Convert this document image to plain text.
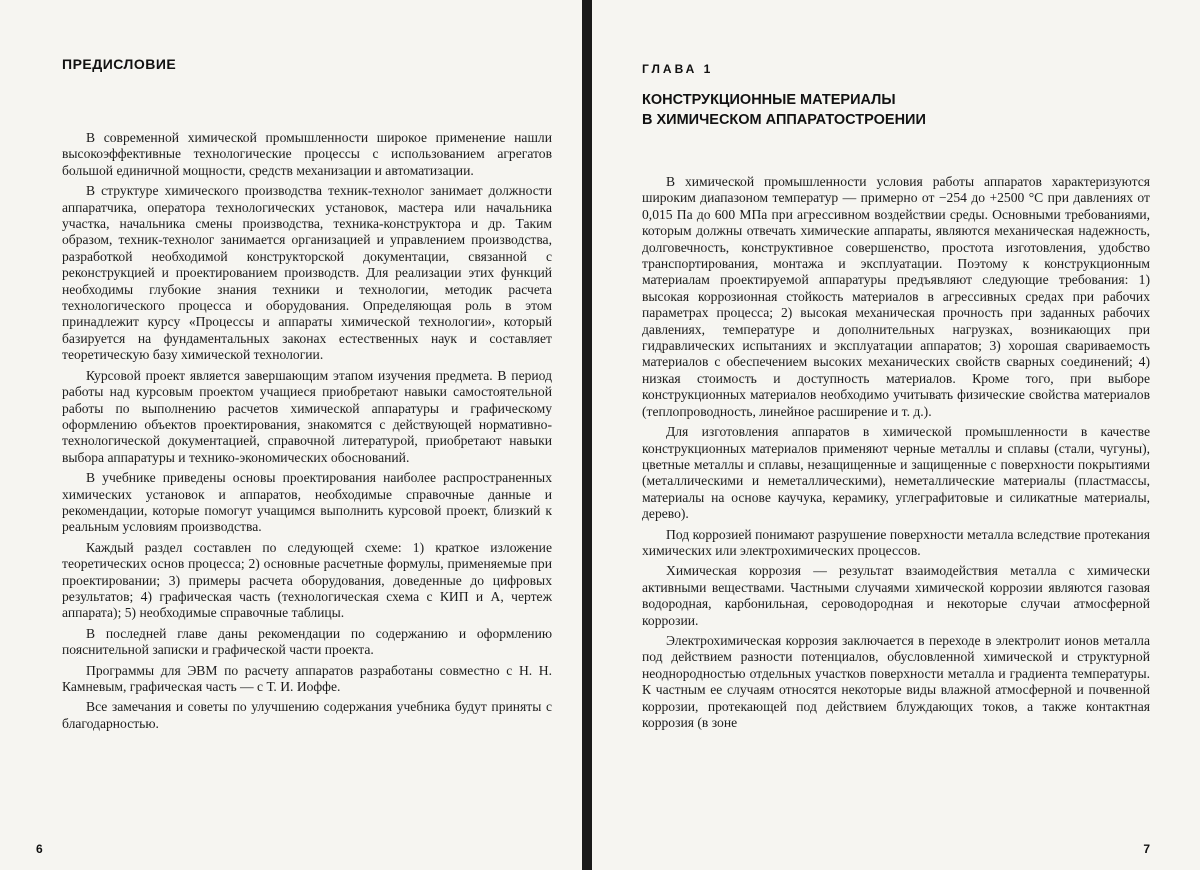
ПРЕДИСЛОВИЕ

В современной химической промышленности широкое применение нашли высокоэффективные технологические процессы с использованием агрегатов большой единичной мощности, средств механизации и автоматизации.

В структуре химического производства техник-технолог занимает должности аппаратчика, оператора технологических установок, мастера или начальника участка, начальника смены производства, техника-конструктора и др. Таким образом, техник-технолог занимается организацией и управлением производства, разработкой необходимой конструкторской документации, связанной с реконструкцией и проектированием производств. Для реализации этих функций необходимы глубокие знания техники и технологии, методик расчета технологического процесса и оборудования. Определяющая роль в этом принадлежит курсу «Процессы и аппараты химической технологии», который базируется на фундаментальных законах естественных наук и составляет теоретическую базу химической технологии.

Курсовой проект является завершающим этапом изучения предмета. В период работы над курсовым проектом учащиеся приобретают навыки самостоятельной работы по выполнению расчетов химической аппаратуры и графическому оформлению объектов проектирования, знакомятся с действующей нормативно-технологической документацией, справочной литературой, приобретают навыки выбора аппаратуры и технико-экономических обоснований.

В учебнике приведены основы проектирования наиболее распространенных химических установок и аппаратов, необходимые справочные данные и рекомендации, которые помогут учащимся выполнить курсовой проект, близкий к реальным условиям производства.

Каждый раздел составлен по следующей схеме: 1) краткое изложение теоретических основ процесса; 2) основные расчетные формулы, применяемые при проектировании; 3) примеры расчета оборудования, доведенные до цифровых результатов; 4) графическая часть (технологическая схема с КИП и А, чертеж аппарата); 5) необходимые справочные таблицы.

В последней главе даны рекомендации по содержанию и оформлению пояснительной записки и графической части проекта.

Программы для ЭВМ по расчету аппаратов разработаны совместно с Н. Н. Камневым, графическая часть — с Т. И. Иоффе.

Все замечания и советы по улучшению содержания учебника будут приняты с благодарностью.

6
ГЛАВА 1
КОНСТРУКЦИОННЫЕ МАТЕРИАЛЫ
В ХИМИЧЕСКОМ АППАРАТОСТРОЕНИИ

В химической промышленности условия работы аппаратов характеризуются широким диапазоном температур — примерно от −254 до +2500 °С при давлениях от 0,015 Па до 600 МПа при агрессивном воздействии среды. Основными требованиями, которым должны отвечать химические аппараты, являются механическая надежность, долговечность, конструктивное совершенство, простота изготовления, удобство транспортирования, монтажа и эксплуатации. Поэтому к конструкционным материалам проектируемой аппаратуры предъявляют следующие требования: 1) высокая коррозионная стойкость материалов в агрессивных средах при рабочих параметрах процесса; 2) высокая механическая прочность при заданных рабочих давлениях, температуре и дополнительных нагрузках, возникающих при гидравлических испытаниях и эксплуатации аппаратов; 3) хорошая свариваемость материалов с обеспечением высоких механических свойств сварных соединений; 4) низкая стоимость и доступность материалов. Кроме того, при выборе конструкционных материалов необходимо учитывать физические свойства материалов (теплопроводность, линейное расширение и т. д.).

Для изготовления аппаратов в химической промышленности в качестве конструкционных материалов применяют черные металлы и сплавы (стали, чугуны), цветные металлы и сплавы, незащищенные и защищенные с поверхности покрытиями (металлическими и неметаллическими), неметаллические материалы (пластмассы, материалы на основе каучука, керамику, углеграфитовые и силикатные материалы, дерево).

Под коррозией понимают разрушение поверхности металла вследствие протекания химических или электрохимических процессов.

Химическая коррозия — результат взаимодействия металла с химически активными веществами. Частными случаями химической коррозии являются газовая водородная, карбонильная, сероводородная и некоторые случаи атмосферной коррозии.

Электрохимическая коррозия заключается в переходе в электролит ионов металла под действием разности потенциалов, обусловленной химической и структурной неоднородностью отдельных участков поверхности металла и градиента температуры. К частным ее случаям относятся некоторые виды влажной атмосферной и почвенной коррозии, протекающей под действием блуждающих токов, а также контактная коррозия (в зоне

7
